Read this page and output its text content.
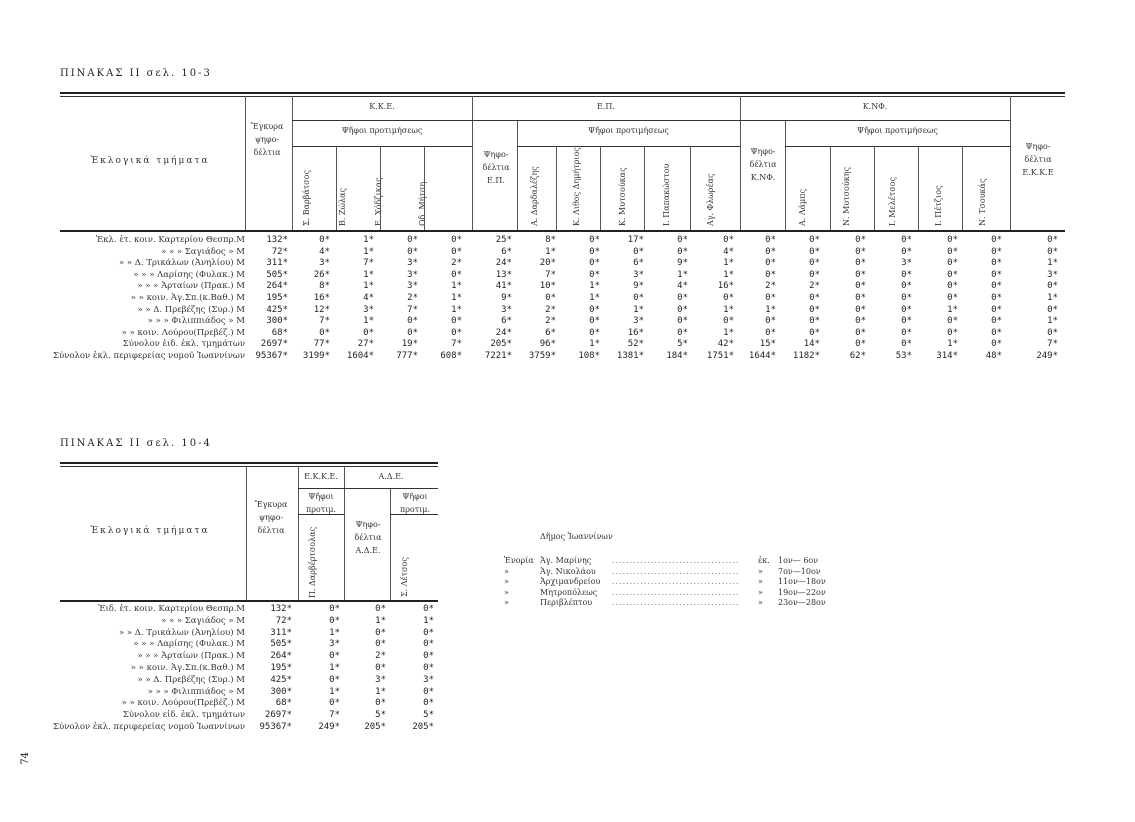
ΠΙΝΑΚΑΣ II σελ. 10-3
Ἐκλογικά τμήματα
Ἔγκυρα ψηφο-δέλτια
Κ.Κ.Ε.	Ε.Π.	Κ.ΝΦ.
Ψῆφοι προτιμήσεως	Ψῆφοι προτιμήσεως	Ψῆφοι προτιμήσεως
Ψηφο-δέλτια Ε.Π.
Ψηφο-δέλτια Κ.ΝΦ.
Ψηφο-δέλτια Ε.Κ.Κ.Ε
Σ. Βαρβάτσος	Β. Ζώλας	Ε. Χόδζικας	Οδ. Μήτση	Α. Δαρδαλέζης	Κ. Λιθος Δημήτριος	Κ. Μυτσούκας	Ι. Παπακώστου	Αγ. Φλωρέας	Α. Λάμπς	Ν. Μυτσούκης	Ι. Μελέτσος	Ι. Πέτζιος	Ν. Τσουκάς
Ἐκλ. ἐτ. κοιν. Καρτερίου Θεσπρ.Μ	132*	0*	1*	0*	0*	25*	8*	0*	17*	0*	0*	0*	0*	0*	0*	0*	0*	0*
» » » Σαγιάδος » Μ	72*	4*	1*	0*	0*	6*	1*	0*	0*	0*	4*	0*	0*	0*	0*	0*	0*	0*
» » Δ. Τρικάλων (Ἀνηλίου) Μ	311*	3*	7*	3*	2*	24*	20*	0*	6*	9*	1*	0*	0*	0*	3*	0*	0*	1*
» » » Λαρίσης (Φυλακ.) Μ	505*	26*	1*	3*	0*	13*	7*	0*	3*	1*	1*	0*	0*	0*	0*	0*	0*	3*
» » » Ἀρταίων (Πρακ.) Μ	264*	8*	1*	3*	1*	41*	10*	1*	9*	4*	16*	2*	2*	0*	0*	0*	0*	0*
» » κοιν. Ἁγ.Σπ.(κ.Βαθ.) Μ	195*	16*	4*	2*	1*	9*	0*	1*	0*	0*	0*	0*	0*	0*	0*	0*	0*	1*
» » Δ. Πρεβέζης (Συρ.) Μ	425*	12*	3*	7*	1*	3*	2*	0*	1*	0*	1*	1*	0*	0*	0*	1*	0*	0*
» » » Φιλιππιάδος » Μ	300*	7*	1*	0*	0*	6*	2*	0*	3*	0*	0*	0*	0*	0*	0*	0*	0*	1*
» » κοιν. Λούρου(Πρεβέζ.) Μ	68*	0*	0*	0*	0*	24*	6*	0*	16*	0*	1*	0*	0*	0*	0*	0*	0*	0*
Σύνολον ἐιδ. ἐκλ. τμημάτων	2697*	77*	27*	19*	7*	205*	96*	1*	52*	5*	42*	15*	14*	0*	0*	1*	0*	7*
Σύνολον ἐκλ. περιφερείας νομοῦ Ἰωαννίνων	95367*	3199*	1604*	777*	608*	7221*	3759*	108*	1381*	184*	1751*	1644*	1182*	62*	53*	314*	48*	249*
ΠΙΝΑΚΑΣ II σελ. 10-4
Ἐκλογικά τμήματα
Ἔγκυρα ψηφο-δέλτια
Ε.Κ.Κ.Ε.	Α.Δ.Ε.
Ψῆφοι προτιμ.
Ψῆφοι προτιμ.
Ψηφο-δέλτια Α.Δ.Ε.
Π. Δαρβέρτσολας	Σ. Λέτσος
Ἐιδ. ἐτ. κοιν. Καρτερίου Θεσπρ.Μ	132*	0*	0*	0*
» » » Σαγιάδος » Μ	72*	0*	1*	1*
» » Δ. Τρικάλων (Ἀνηλίου) Μ	311*	1*	0*	0*
» » » Λαρίσης (Φυλακ.) Μ	505*	3*	0*	0*
» » » Ἀρταίων (Πρακ.) Μ	264*	0*	2*	0*
» » κοιν. Ἁγ.Σπ.(κ.Βαθ.) Μ	195*	1*	0*	0*
» » Δ. Πρεβέζης (Συρ.) Μ	425*	0*	3*	3*
» » » Φιλιππιάδος » Μ	300*	1*	1*	0*
» » κοιν. Λούρου(Πρεβέζ.) Μ	68*	0*	0*	0*
Σύνολον εἰδ. ἐκλ. τμημάτων	2697*	7*	5*	5*
Σύνολον ἐκλ. περιφερείας νομοῦ Ἰωαννίνων	95367*	249*	205*	205*
Δῆμος Ἰωαννίνων
Ἐνορία Ἁγ. Μαρίνης	.................................... ἐκ. 1ον— 6ον
»	Ἁγ. Νικολάου .................................... » 7ον—10ον
»	Ἀρχιμανδρείου .................................... » 11ον—18ον
»	Μητροπόλεως .................................... » 19ον—22ον
»	Περιβλέπτου .................................... » 23ον—28ον
74
